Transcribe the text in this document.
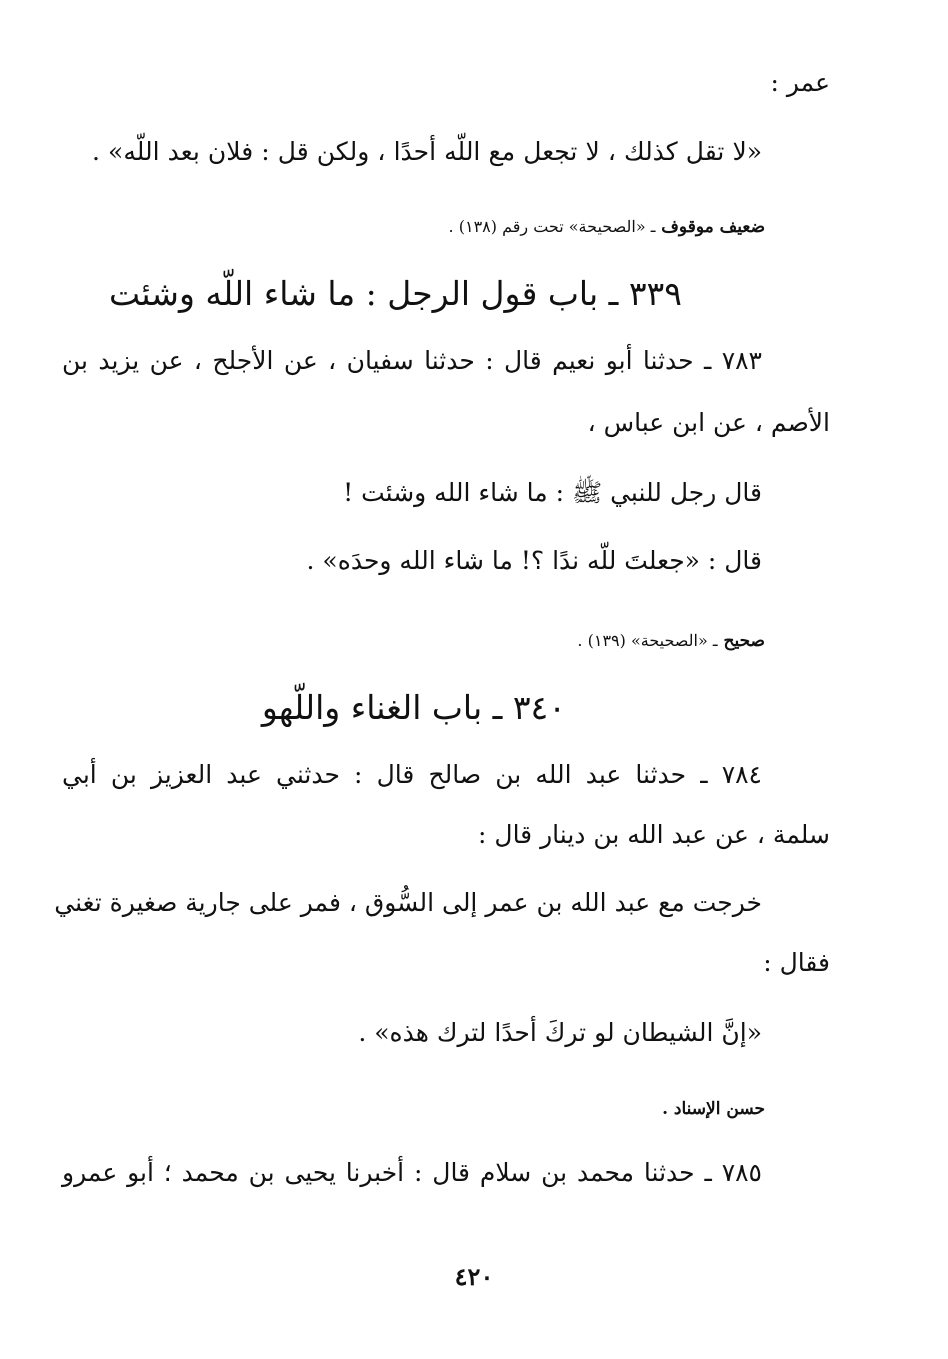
عمر :
«لا تقل كذلك ، لا تجعل مع اللّه أحدًا ، ولكن قل : فلان بعد اللّه» .
ضعيف موقوف ـ «الصحيحة» تحت رقم (١٣٨) .
٣٣٩ ـ باب قول الرجل : ما شاء اللّه وشئت
٧٨٣ ـ حدثنا أبو نعيم قال : حدثنا سفيان ، عن الأجلح ، عن يزيد بن
الأصم ، عن ابن عباس ،
قال رجل للنبي ﷺ : ما شاء الله وشئت !
قال : «جعلتَ للّه ندًا ؟! ما شاء الله وحدَه» .
صحيح ـ «الصحيحة» (١٣٩) .
٣٤٠ ـ باب الغناء واللّهو
٧٨٤ ـ حدثنا عبد الله بن صالح قال : حدثني عبد العزيز بن أبي
سلمة ، عن عبد الله بن دينار قال :
خرجت مع عبد الله بن عمر إلى السُّوق ، فمر على جارية صغيرة تغني
فقال :
«إنَّ الشيطان لو تركَ أحدًا لترك هذه» .
حسن الإسناد .
٧٨٥ ـ حدثنا محمد بن سلام قال : أخبرنا يحيى بن محمد ؛ أبو عمرو
٤٢٠
